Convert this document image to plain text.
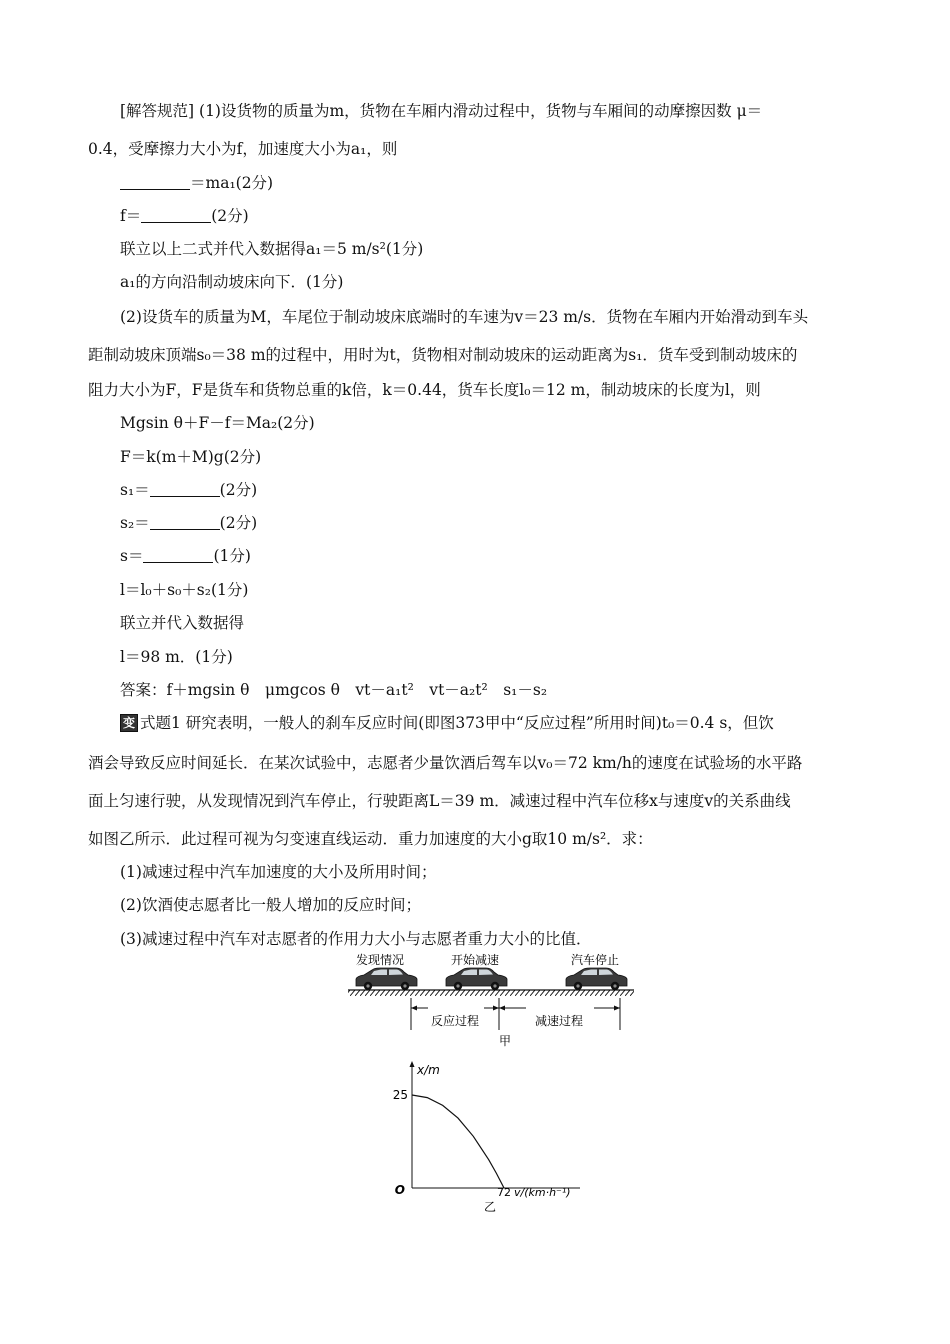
[解答规范] (1)设货物的质量为m，货物在车厢内滑动过程中，货物与车厢间的动摩擦因数 μ＝
0.4，受摩擦力大小为f，加速度大小为a₁，则
＝ma₁(2分)
f＝	(2分)
联立以上二式并代入数据得a₁＝5 m/s²(1分)
a₁的方向沿制动坡床向下．(1分)
(2)设货车的质量为M，车尾位于制动坡床底端时的车速为v＝23 m/s．货物在车厢内开始滑动到车头
距制动坡床顶端s₀＝38 m的过程中，用时为t，货物相对制动坡床的运动距离为s₁．货车受到制动坡床的
阻力大小为F，F是货车和货物总重的k倍，k＝0.44，货车长度l₀＝12 m，制动坡床的长度为l，则
Mgsin θ＋F－f＝Ma₂(2分)
F＝k(m＋M)g(2分)
s₁＝	(2分)
s₂＝	(2分)
s＝	(1分)
l＝l₀＋s₀＋s₂(1分)
联立并代入数据得
l＝98 m．(1分)
答案：f＋mgsin θ　μmgcos θ　vt－a₁t²　vt－a₂t²　s₁－s₂
变 式题1 研究表明，一般人的刹车反应时间(即图373甲中“反应过程”所用时间)t₀＝0.4 s，但饮
酒会导致反应时间延长．在某次试验中，志愿者少量饮酒后驾车以v₀＝72 km/h的速度在试验场的水平路
面上匀速行驶，从发现情况到汽车停止，行驶距离L＝39 m．减速过程中汽车位移x与速度v的关系曲线
如图乙所示．此过程可视为匀变速直线运动．重力加速度的大小g取10 m/s²．求：
(1)减速过程中汽车加速度的大小及所用时间；
(2)饮酒使志愿者比一般人增加的反应时间；
(3)减速过程中汽车对志愿者的作用力大小与志愿者重力大小的比值．
发现情况	开始减速	汽车停止
反应过程	减速过程
甲
x/m
O
25
72 v/(km·h⁻¹)
乙
